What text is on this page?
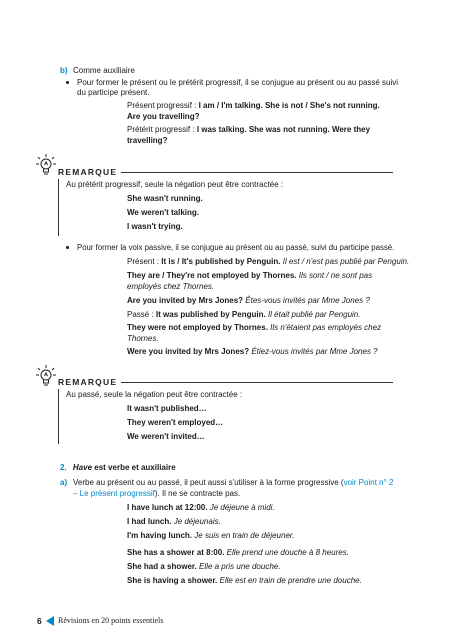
b) Comme auxiliaire
Pour former le présent ou le prétérit progressif, il se conjugue au présent ou au passé suivi
du participe présent.
Présent progressif : I am / I'm talking. She is not / She's not running.
Are you travelling?
Prétérit progressif : I was talking. She was not running. Were they
travelling?
REMARQUE
Au prétérit progressif, seule la négation peut être contractée :
She wasn't running.
We weren't talking.
I wasn't trying.
Pour former la voix passive, il se conjugue au présent ou au passé, suivi du participe passé.
Présent : It is / It's published by Penguin. Il est / n'est pas publié par Penguin.
They are / They're not employed by Thornes. Ils sont / ne sont pas
employés chez Thornes.
Are you invited by Mrs Jones? Êtes-vous invités par Mme Jones ?
Passé : It was published by Penguin. Il était publié par Penguin.
They were not employed by Thornes. Ils n'étaient pas employés chez
Thornes.
Were you invited by Mrs Jones? Étiez-vous invités par Mme Jones ?
REMARQUE
Au passé, seule la négation peut être contractée :
It wasn't published…
They weren't employed…
We weren't invited…
2. Have est verbe et auxiliaire
a) Verbe au présent ou au passé, il peut aussi s'utiliser à la forme progressive (voir Point n° 2
– Le présent progressif). Il ne se contracte pas.
I have lunch at 12:00. Je déjeune à midi.
I had lunch. Je déjeunais.
I'm having lunch. Je suis en train de déjeuner.
She has a shower at 8:00. Elle prend une douche à 8 heures.
She had a shower. Elle a pris une douche.
She is having a shower. Elle est en train de prendre une douche.
6 Révisions en 20 points essentiels
